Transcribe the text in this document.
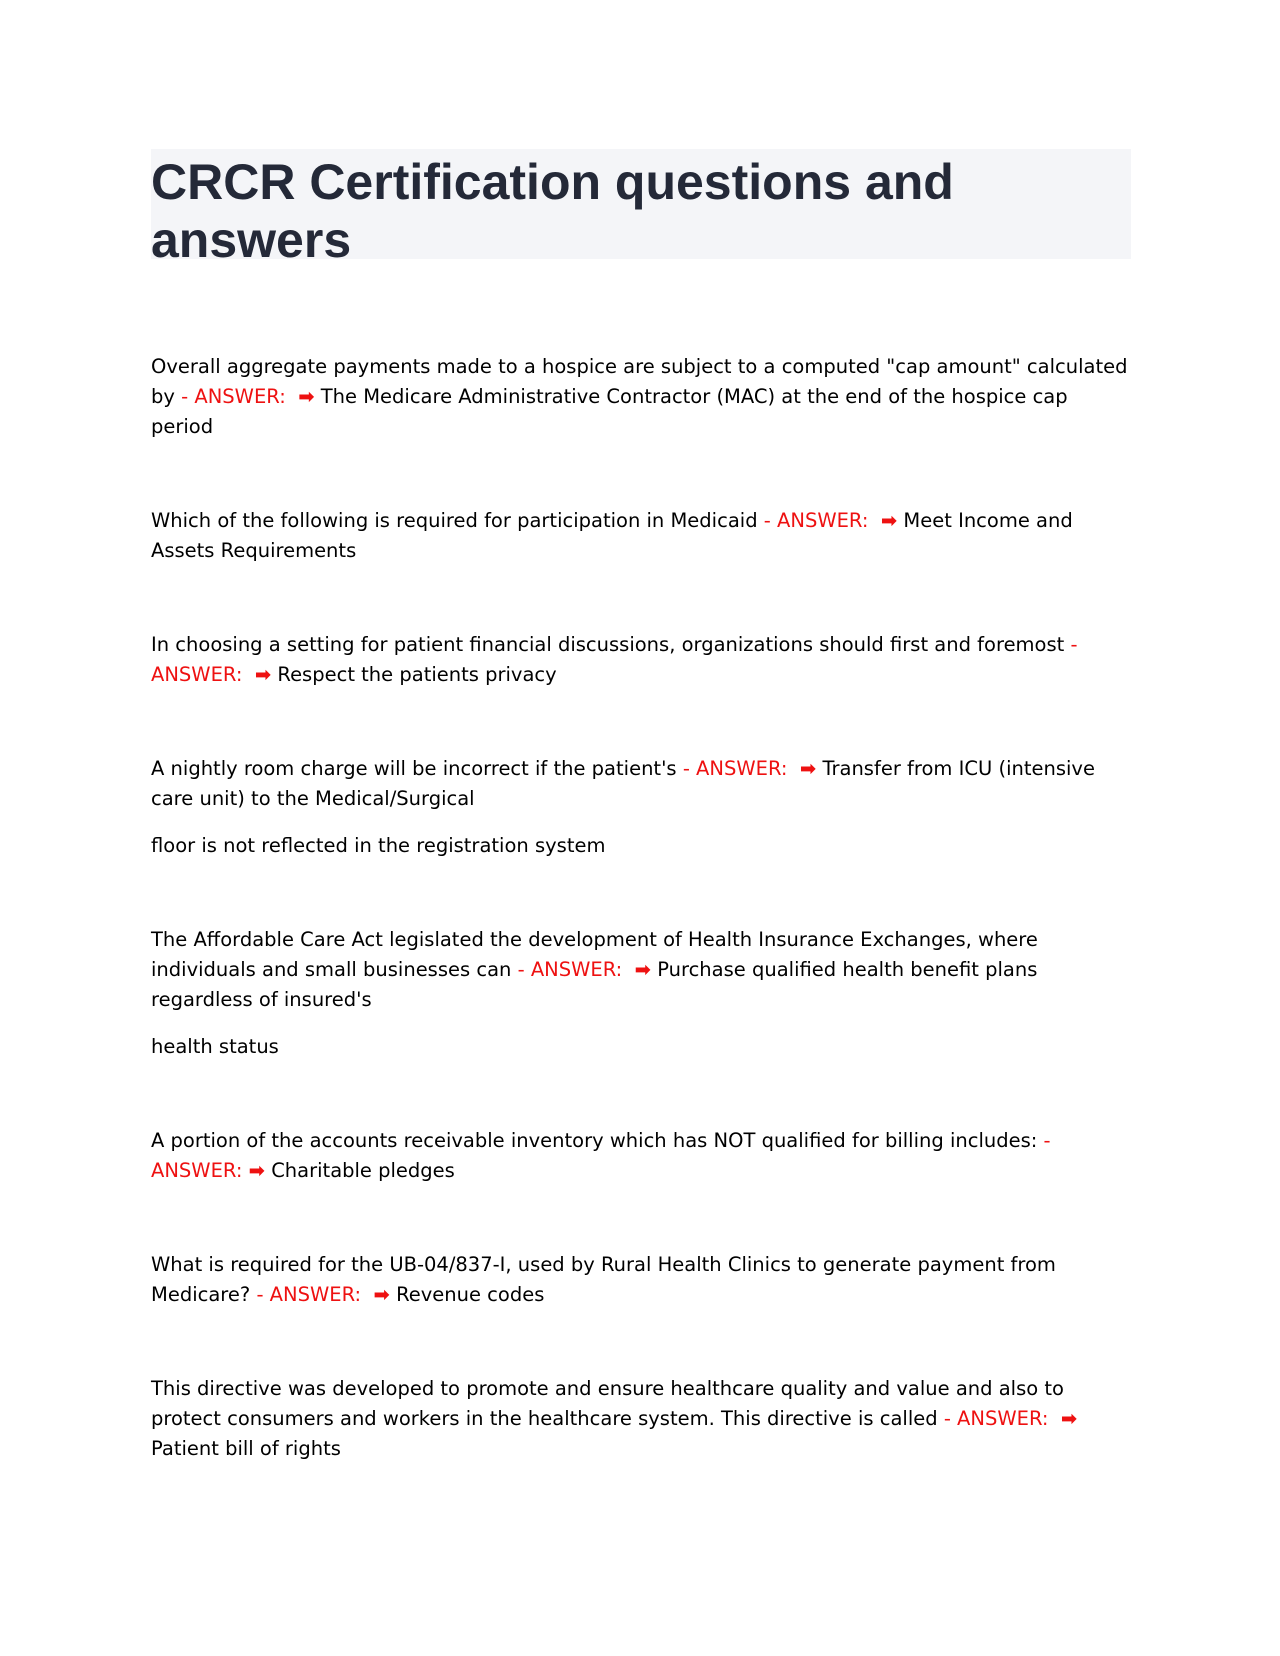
CRCR Certification questions and answers
Overall aggregate payments made to a hospice are subject to a computed "cap amount" calculated by - ANSWER: ➡ The Medicare Administrative Contractor (MAC) at the end of the hospice cap period
Which of the following is required for participation in Medicaid - ANSWER: ➡ Meet Income and Assets Requirements
In choosing a setting for patient financial discussions, organizations should first and foremost - ANSWER: ➡ Respect the patients privacy
A nightly room charge will be incorrect if the patient's - ANSWER: ➡ Transfer from ICU (intensive care unit) to the Medical/Surgical
floor is not reflected in the registration system
The Affordable Care Act legislated the development of Health Insurance Exchanges, where individuals and small businesses can - ANSWER: ➡ Purchase qualified health benefit plans regardless of insured's
health status
A portion of the accounts receivable inventory which has NOT qualified for billing includes: - ANSWER: ➡ Charitable pledges
What is required for the UB-04/837-I, used by Rural Health Clinics to generate payment from Medicare? - ANSWER: ➡ Revenue codes
This directive was developed to promote and ensure healthcare quality and value and also to protect consumers and workers in the healthcare system. This directive is called - ANSWER: ➡ Patient bill of rights
